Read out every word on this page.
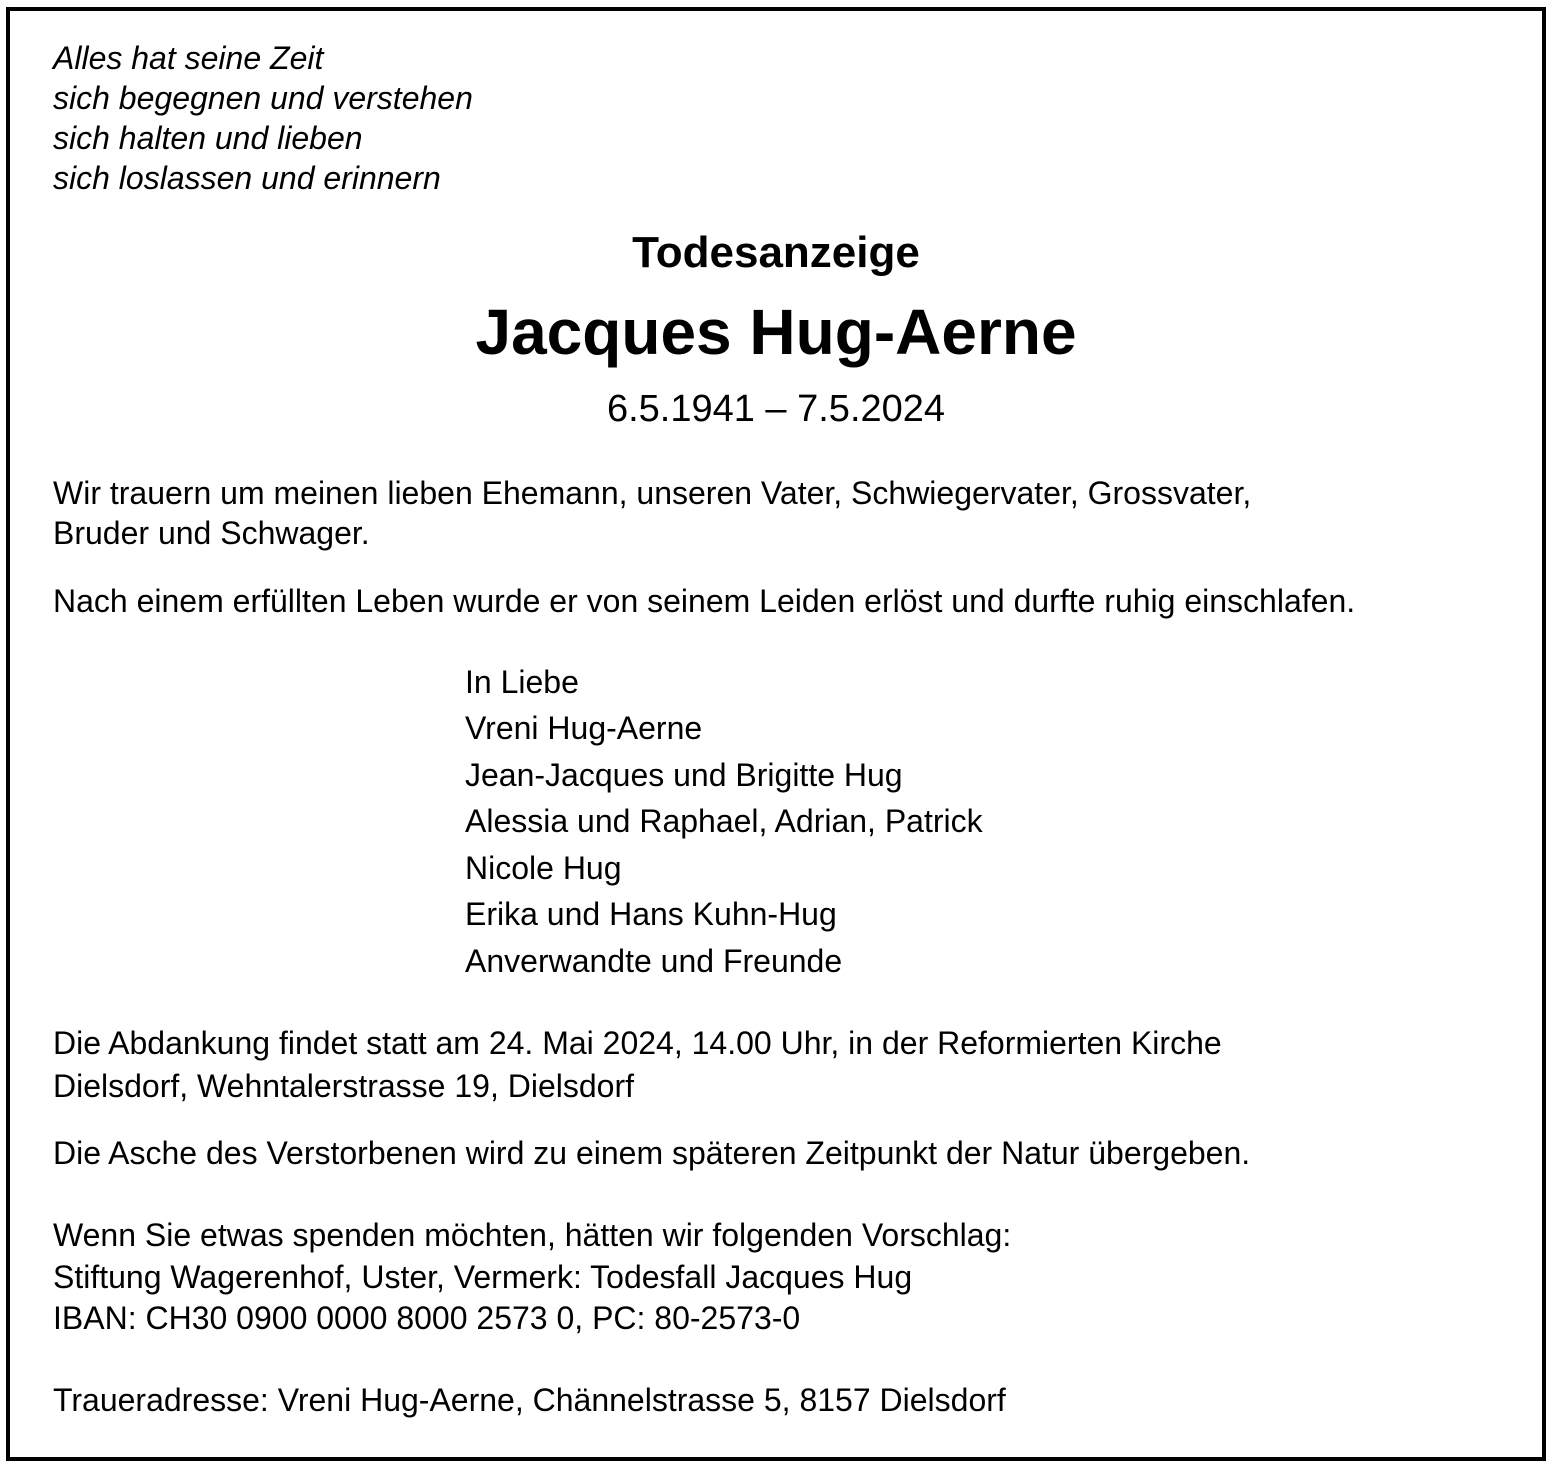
Alles hat seine Zeit
sich begegnen und verstehen
sich halten und lieben
sich loslassen und erinnern
Todesanzeige
Jacques Hug-Aerne
6.5.1941 – 7.5.2024
Wir trauern um meinen lieben Ehemann, unseren Vater, Schwiegervater, Grossvater,
Bruder und Schwager.
Nach einem erfüllten Leben wurde er von seinem Leiden erlöst und durfte ruhig einschlafen.
In Liebe
Vreni Hug-Aerne
Jean-Jacques und Brigitte Hug
Alessia und Raphael, Adrian, Patrick
Nicole Hug
Erika und Hans Kuhn-Hug
Anverwandte und Freunde
Die Abdankung findet statt am 24. Mai 2024, 14.00 Uhr, in der Reformierten Kirche
Dielsdorf, Wehntalerstrasse 19, Dielsdorf
Die Asche des Verstorbenen wird zu einem späteren Zeitpunkt der Natur übergeben.
Wenn Sie etwas spenden möchten, hätten wir folgenden Vorschlag:
Stiftung Wagerenhof, Uster, Vermerk: Todesfall Jacques Hug
IBAN: CH30 0900 0000 8000 2573 0, PC: 80-2573-0
Traueradresse: Vreni Hug-Aerne, Chännelstrasse 5, 8157 Dielsdorf
